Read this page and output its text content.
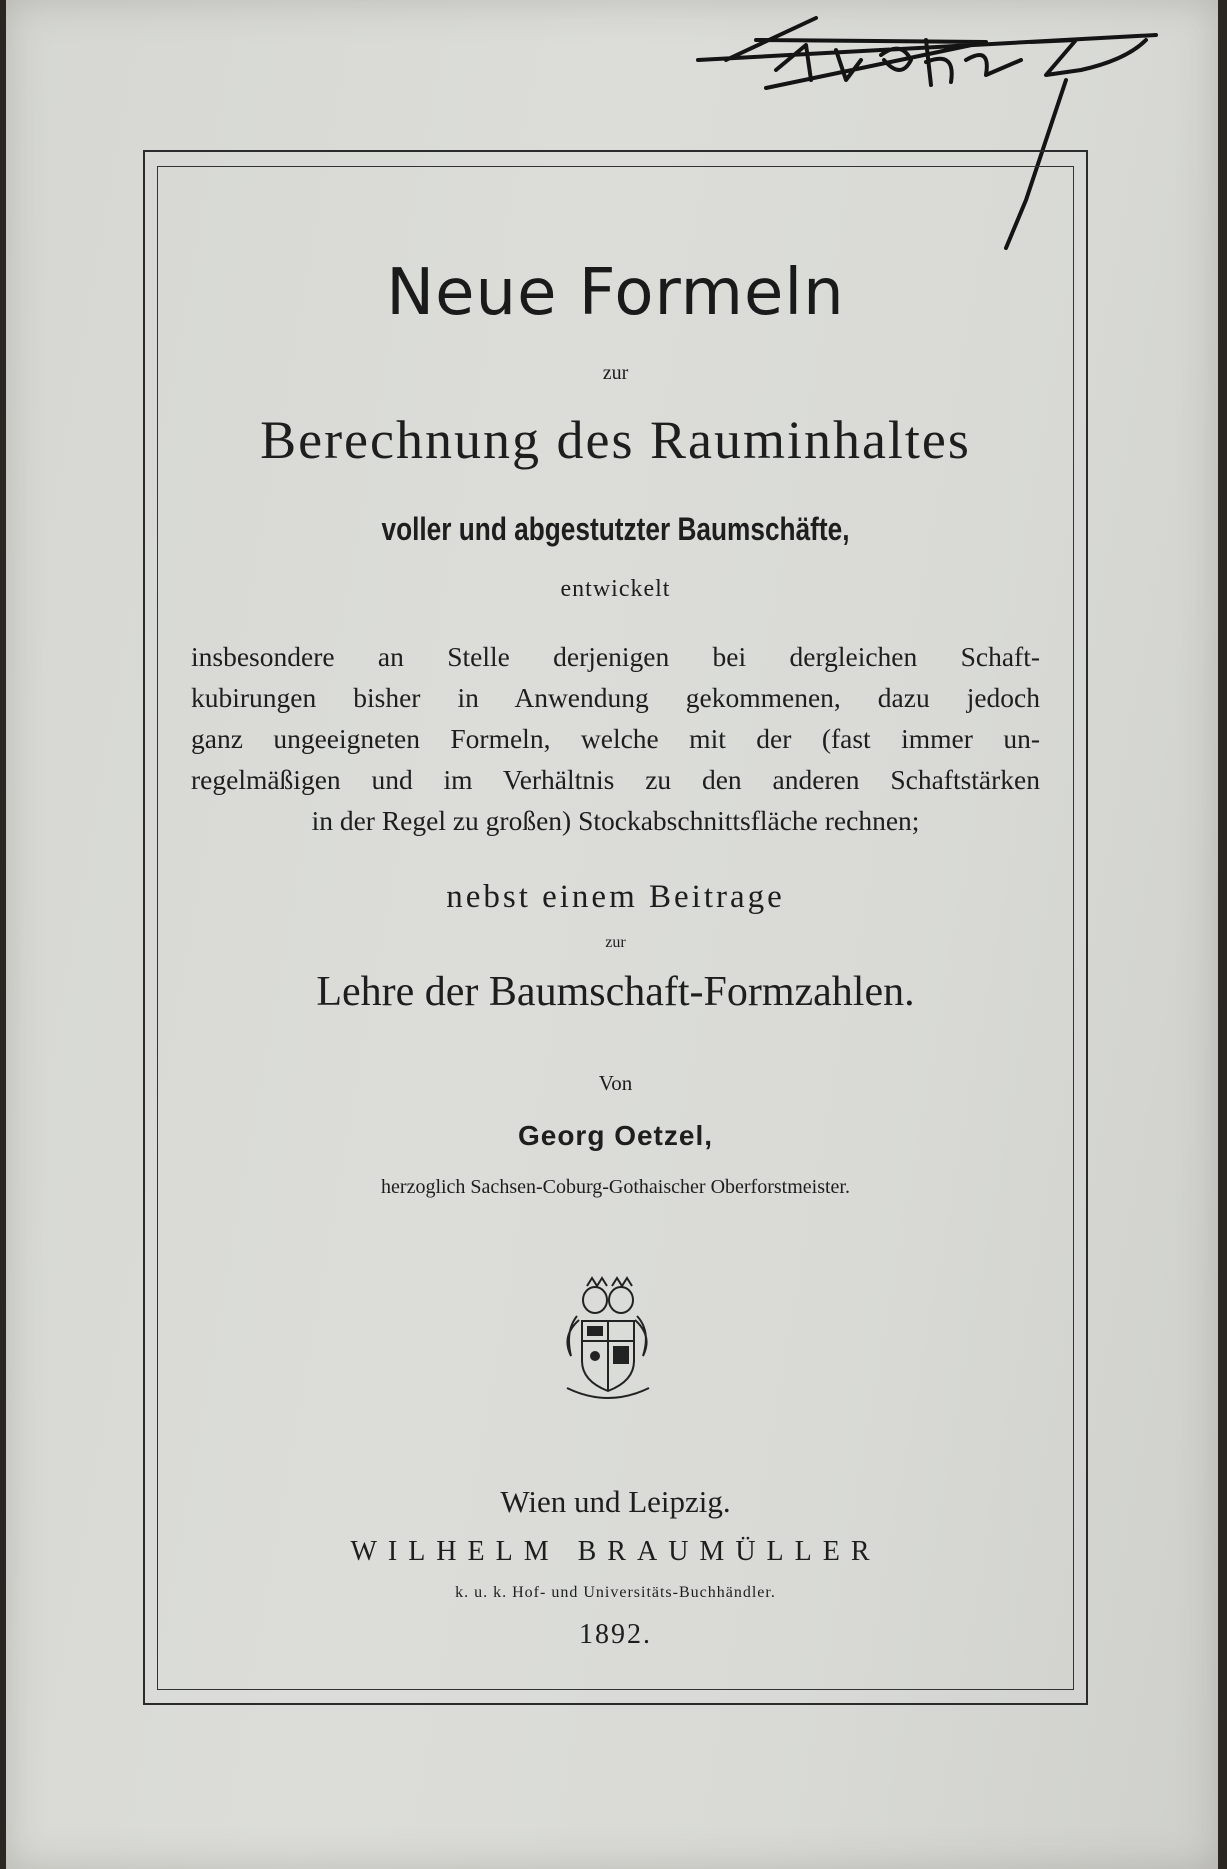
Neue Formeln
zur
Berechnung des Rauminhaltes
voller und abgestutzter Baumschäfte,
entwickelt
insbesondere an Stelle derjenigen bei dergleichen Schaft-
kubirungen bisher in Anwendung gekommenen, dazu jedoch
ganz ungeeigneten Formeln, welche mit der (fast immer un-
regelmäßigen und im Verhältnis zu den anderen Schaftstärken
in der Regel zu großen) Stockabschnittsfläche rechnen;
nebst einem Beitrage
zur
Lehre der Baumschaft-Formzahlen.
Von
Georg Oetzel,
herzoglich Sachsen-Coburg-Gothaischer Oberforstmeister.
Wien und Leipzig.
WILHELM BRAUMÜLLER
k. u. k. Hof- und Universitäts-Buchhändler.
1892.
